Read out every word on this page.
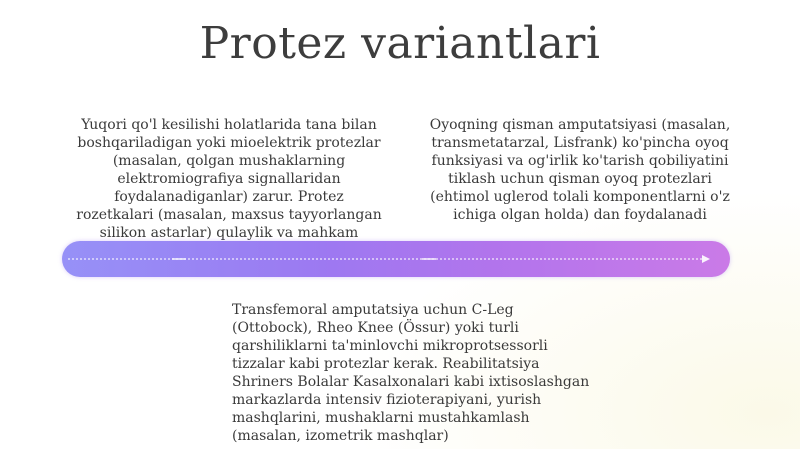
Protez variantlari
Yuqori qo'l kesilishi holatlarida tana bilan boshqariladigan yoki mioelektrik protezlar (masalan, qolgan mushaklarning elektromiografiya signallaridan foydalanadiganlar) zarur. Protez rozetkalari (masalan, maxsus tayyorlangan silikon astarlar) qulaylik va mahkam
Oyoqning qisman amputatsiyasi (masalan, transmetatarzal, Lisfrank) ko'pincha oyoq funksiyasi va og'irlik ko'tarish qobiliyatini tiklash uchun qisman oyoq protezlari (ehtimol uglerod tolali komponentlarni o'z ichiga olgan holda) dan foydalanadi
Transfemoral amputatsiya uchun C-Leg (Ottobock), Rheo Knee (Össur) yoki turli qarshiliklarni ta'minlovchi mikroprotsessorli tizzalar kabi protezlar kerak. Reabilitatsiya Shriners Bolalar Kasalxonalari kabi ixtisoslashgan markazlarda intensiv fizioterapiyani, yurish mashqlarini, mushaklarni mustahkamlash (masalan, izometrik mashqlar)
